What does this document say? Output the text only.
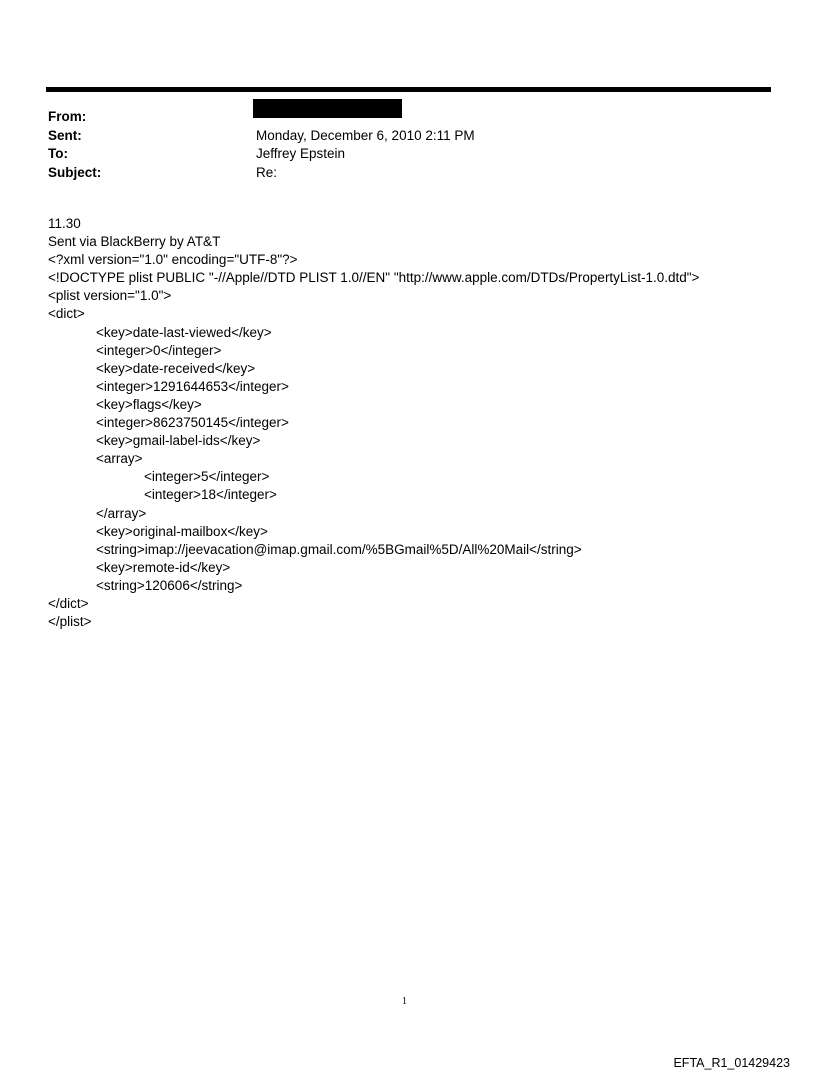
From:
Sent:	Monday, December 6, 2010 2:11 PM
To:	Jeffrey Epstein
Subject:	Re:
11.30
Sent via BlackBerry by AT&T
<?xml version="1.0" encoding="UTF-8"?>
<!DOCTYPE plist PUBLIC "-//Apple//DTD PLIST 1.0//EN" "http://www.apple.com/DTDs/PropertyList-1.0.dtd">
<plist version="1.0">
<dict>
<key>date-last-viewed</key>
<integer>0</integer>
<key>date-received</key>
<integer>1291644653</integer>
<key>flags</key>
<integer>8623750145</integer>
<key>gmail-label-ids</key>
<array>
<integer>5</integer>
<integer>18</integer>
</array>
<key>original-mailbox</key>
<string>imap://jeevacation@imap.gmail.com/%5BGmail%5D/All%20Mail</string>
<key>remote-id</key>
<string>120606</string>
</dict>
</plist>
1
EFTA_R1_01429423
